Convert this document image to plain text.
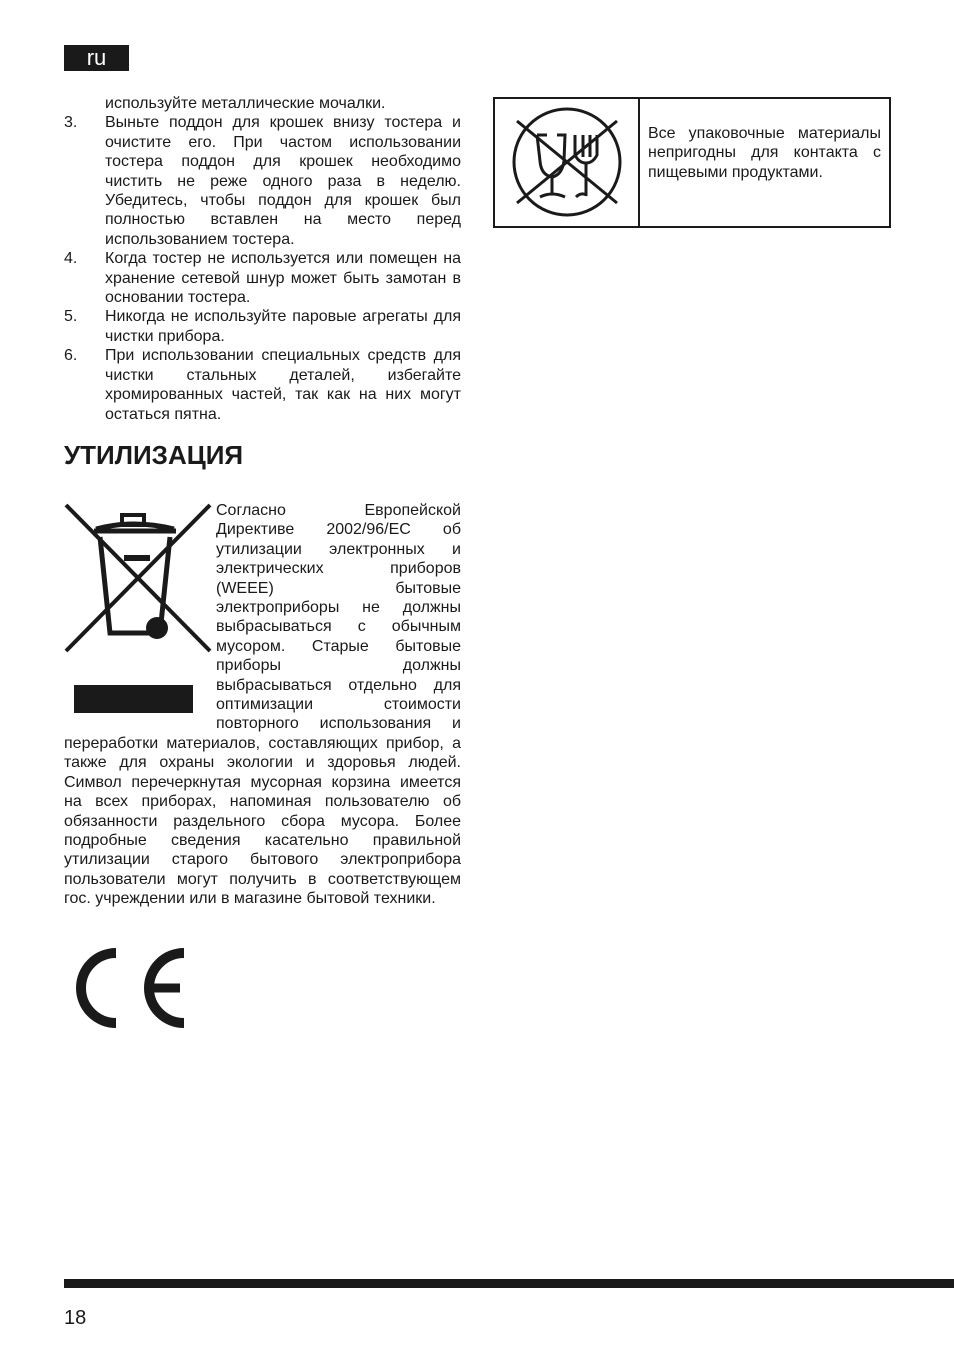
ru
используйте металлические мочалки.
3.	Выньте поддон для крошек внизу тостера и очистите его. При частом использовании тостера поддон для крошек необходимо чистить не реже одного раза в неделю. Убедитесь, чтобы поддон для крошек был полностью вставлен на место перед использованием тостера.
4.	Когда тостер не используется или помещен на хранение сетевой шнур может быть замотан в основании тостера.
5.	Никогда не используйте паровые агрегаты для чистки прибора.
6.	При использовании специальных средств для чистки стальных деталей, избегайте хромированных частей, так как на них могут остаться пятна.
УТИЛИЗАЦИЯ
Согласно Европейской Директиве 2002/96/EC об утилизации электронных и электрических приборов (WEEE) бытовые электроприборы не должны выбрасываться с обычным мусором. Старые бытовые приборы должны выбрасываться отдельно для оптимизации стоимости повторного использования и переработки материалов, составляющих прибор, а также для охраны экологии и здоровья людей. Символ перечеркнутая мусорная корзина имеется на всех приборах, напоминая пользователю об обязанности раздельного сбора мусора. Более подробные сведения касательно правильной утилизации старого бытового электроприбора пользователи могут получить в соответствующем гос. учреждении или в магазине бытовой техники.
Все упаковочные материалы непригодны для контакта с пищевыми продуктами.
18
